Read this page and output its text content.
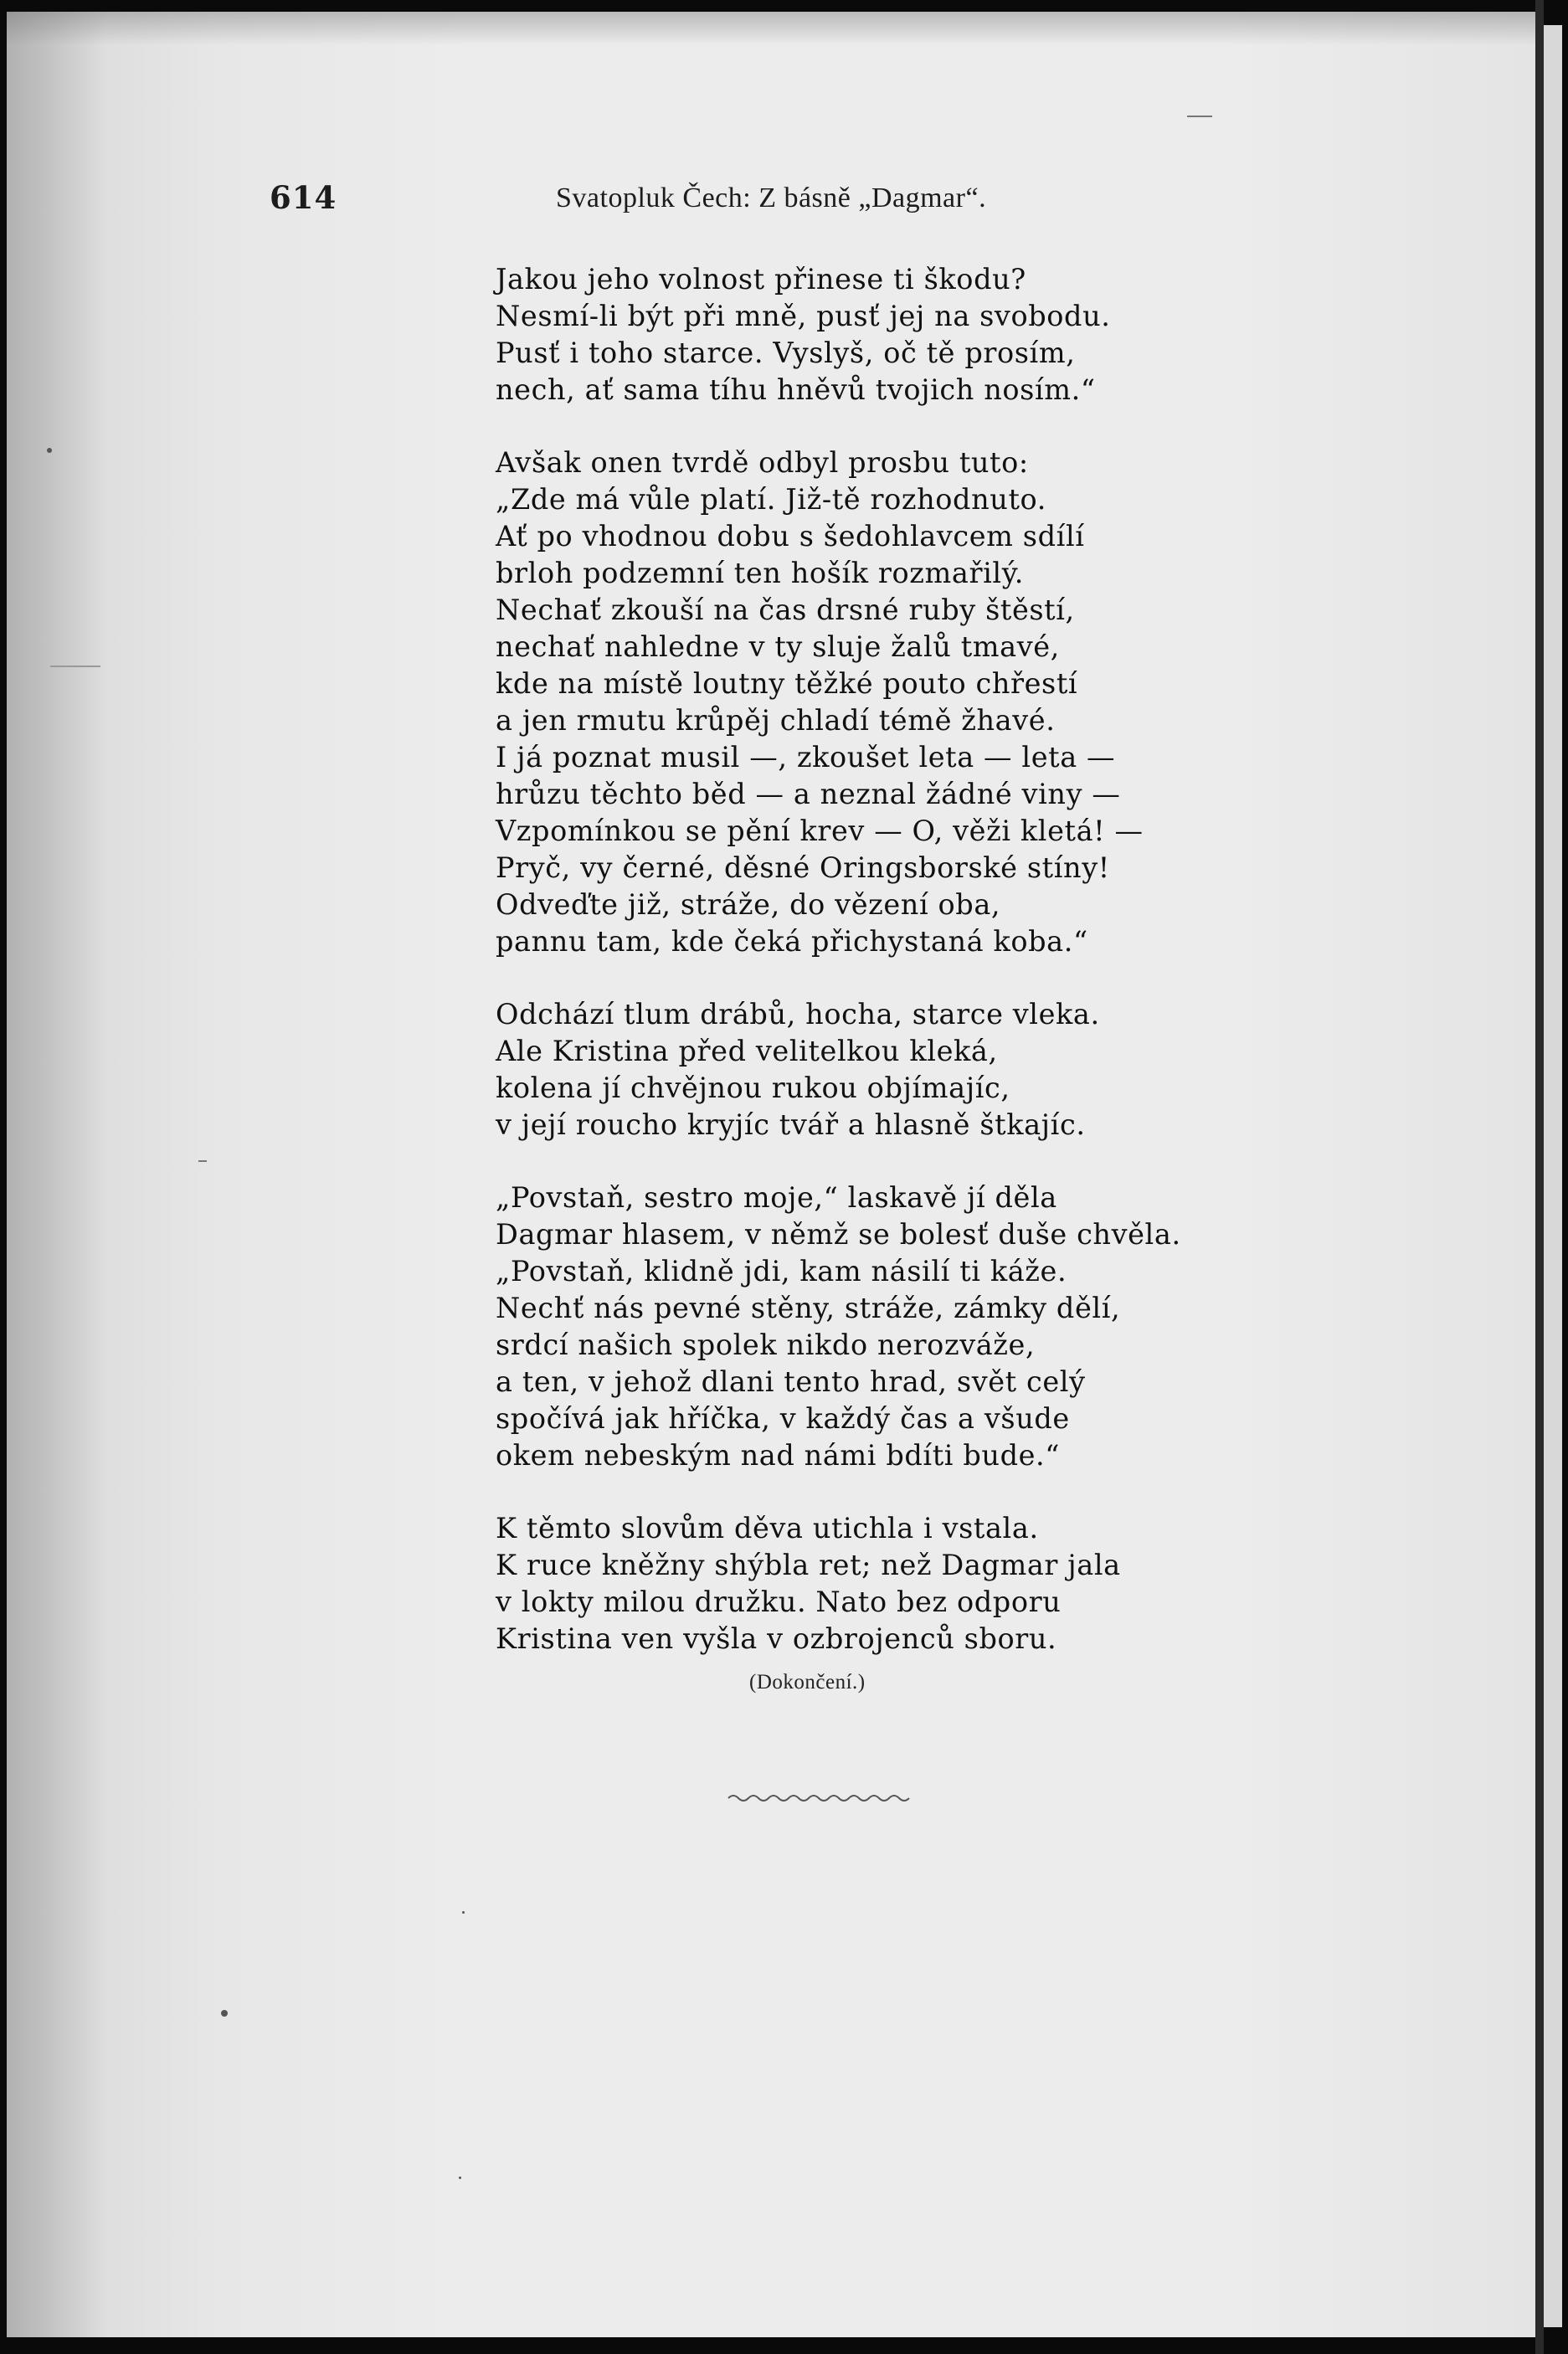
614	Svatopluk Čech: Z básně „Dagmar“.
Jakou jeho volnost přinese ti škodu?
Nesmí-li být při mně, pusť jej na svobodu.
Pusť i toho starce. Vyslyš, oč tě prosím,
nech, ať sama tíhu hněvů tvojich nosím.“
Avšak onen tvrdě odbyl prosbu tuto:
„Zde má vůle platí. Již-tě rozhodnuto.
Ať po vhodnou dobu s šedohlavcem sdílí
brloh podzemní ten hošík rozmařilý.
Nechať zkouší na čas drsné ruby štěstí,
nechať nahledne v ty sluje žalů tmavé,
kde na místě loutny těžké pouto chřestí
a jen rmutu krůpěj chladí témě žhavé.
I já poznat musil —, zkoušet leta — leta —
hrůzu těchto běd — a neznal žádné viny —
Vzpomínkou se pění krev — O, věži kletá! —
Pryč, vy černé, děsné Oringsborské stíny!
Odveďte již, stráže, do vězení oba,
pannu tam, kde čeká přichystaná koba.“
Odchází tlum drábů, hocha, starce vleka.
Ale Kristina před velitelkou kleká,
kolena jí chvějnou rukou objímajíc,
v její roucho kryjíc tvář a hlasně štkajíc.
„Povstaň, sestro moje,“ laskavě jí děla
Dagmar hlasem, v němž se bolesť duše chvěla.
„Povstaň, klidně jdi, kam násilí ti káže.
Nechť nás pevné stěny, stráže, zámky dělí,
srdcí našich spolek nikdo nerozváže,
a ten, v jehož dlani tento hrad, svět celý
spočívá jak hříčka, v každý čas a všude
okem nebeským nad námi bdíti bude.“
K těmto slovům děva utichla i vstala.
K ruce kněžny shýbla ret; než Dagmar jala
v lokty milou družku. Nato bez odporu
Kristina ven vyšla v ozbrojenců sboru.
(Dokončení.)
